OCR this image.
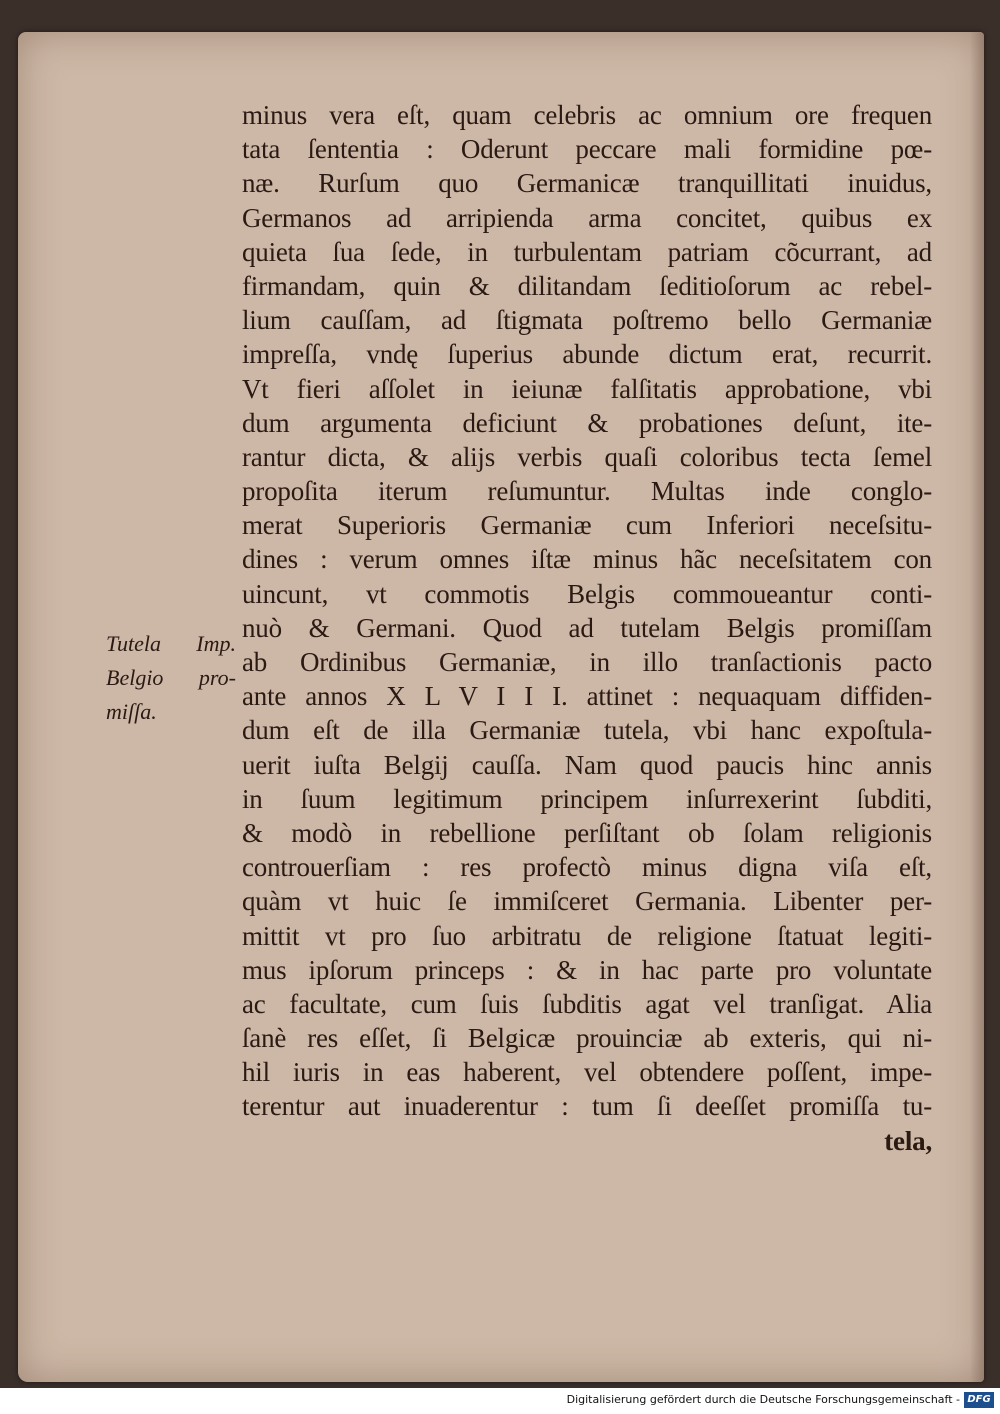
minus vera eſt, quam celebris ac omnium ore frequen
tata ſententia : Oderunt peccare mali formidine pœ-
næ. Rurſum quo Germanicæ tranquillitati inuidus,
Germanos ad arripienda arma concitet, quibus ex
quieta ſua ſede, in turbulentam patriam cõcurrant, ad
firmandam, quin & dilitandam ſeditioſorum ac rebel-
lium cauſſam, ad ſtigmata poſtremo bello Germaniæ
impreſſa, vndę ſuperius abunde dictum erat, recurrit.
Vt fieri aſſolet in ieiunæ falſitatis approbatione, vbi
dum argumenta deficiunt & probationes deſunt, ite-
rantur dicta, & alijs verbis quaſi coloribus tecta ſemel
propoſita iterum reſumuntur. Multas inde conglo-
merat Superioris Germaniæ cum Inferiori neceſsitu-
dines : verum omnes iſtæ minus hãc neceſsitatem con
uincunt, vt commotis Belgis commoueantur conti-
nuò & Germani. Quod ad tutelam Belgis promiſſam
ab Ordinibus Germaniæ, in illo tranſactionis pacto
ante annos X L V I I I. attinet : nequaquam diffiden-
dum eſt de illa Germaniæ tutela, vbi hanc expoſtula-
uerit iuſta Belgij cauſſa. Nam quod paucis hinc annis
in ſuum legitimum principem inſurrexerint ſubditi,
& modò in rebellione perſiſtant ob ſolam religionis
controuerſiam : res profectò minus digna viſa eſt,
quàm vt huic ſe immiſceret Germania. Libenter per-
mittit vt pro ſuo arbitratu de religione ſtatuat legiti-
mus ipſorum princeps : & in hac parte pro voluntate
ac facultate, cum ſuis ſubditis agat vel tranſigat. Alia
ſanè res eſſet, ſi Belgicæ prouinciæ ab exteris, qui ni-
hil iuris in eas haberent, vel obtendere poſſent, impe-
terentur aut inuaderentur : tum ſi deeſſet promiſſa tu-
tela,
Tutela Imp.
Belgio pro-
miſſa.
Digitalisierung gefördert durch die Deutsche Forschungsgemeinschaft - DFG
